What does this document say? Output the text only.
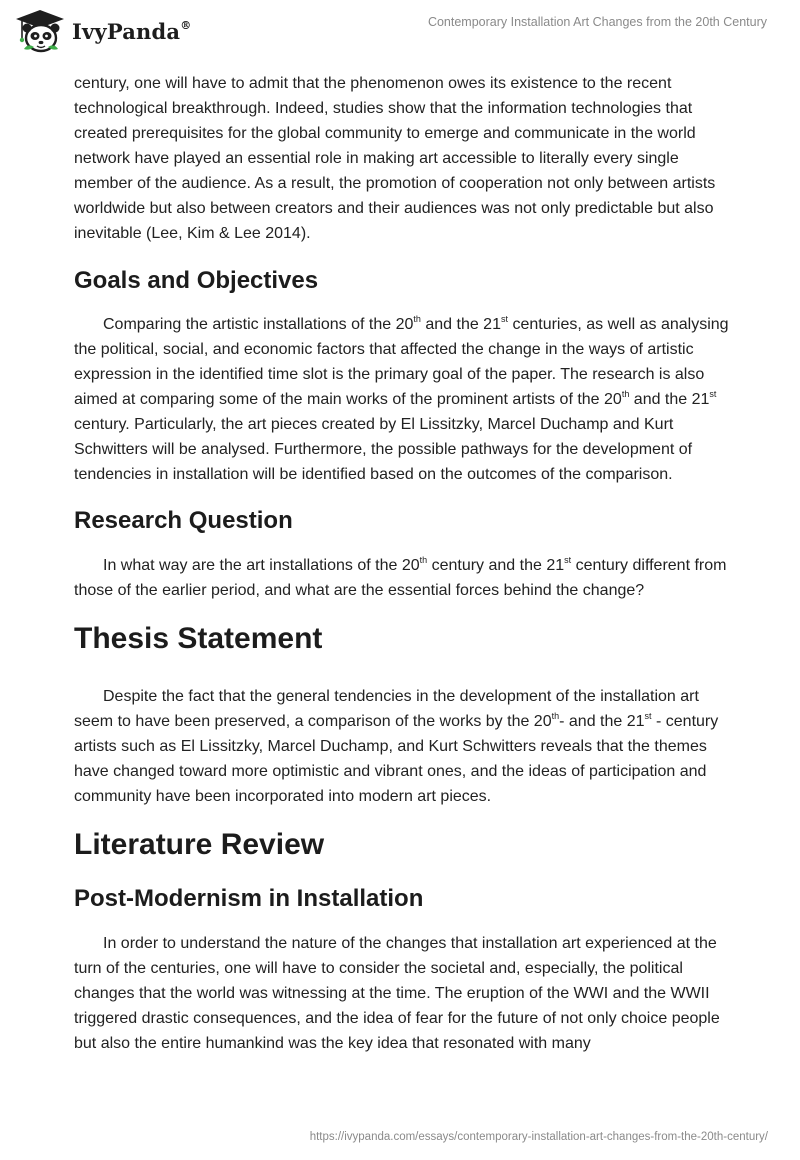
IvyPanda®	Contemporary Installation Art Changes from the 20th Century

century, one will have to admit that the phenomenon owes its existence to the recent technological breakthrough. Indeed, studies show that the information technologies that created prerequisites for the global community to emerge and communicate in the world network have played an essential role in making art accessible to literally every single member of the audience. As a result, the promotion of cooperation not only between artists worldwide but also between creators and their audiences was not only predictable but also inevitable (Lee, Kim & Lee 2014).

Goals and Objectives

Comparing the artistic installations of the 20th and the 21st centuries, as well as analysing the political, social, and economic factors that affected the change in the ways of artistic expression in the identified time slot is the primary goal of the paper. The research is also aimed at comparing some of the main works of the prominent artists of the 20th and the 21st century. Particularly, the art pieces created by El Lissitzky, Marcel Duchamp and Kurt Schwitters will be analysed. Furthermore, the possible pathways for the development of tendencies in installation will be identified based on the outcomes of the comparison.

Research Question

In what way are the art installations of the 20th century and the 21st century different from those of the earlier period, and what are the essential forces behind the change?

Thesis Statement

Despite the fact that the general tendencies in the development of the installation art seem to have been preserved, a comparison of the works by the 20th- and the 21st - century artists such as El Lissitzky, Marcel Duchamp, and Kurt Schwitters reveals that the themes have changed toward more optimistic and vibrant ones, and the ideas of participation and community have been incorporated into modern art pieces.

Literature Review
Post-Modernism in Installation

In order to understand the nature of the changes that installation art experienced at the turn of the centuries, one will have to consider the societal and, especially, the political changes that the world was witnessing at the time. The eruption of the WWI and the WWII triggered drastic consequences, and the idea of fear for the future of not only choice people but also the entire humankind was the key idea that resonated with many

https://ivypanda.com/essays/contemporary-installation-art-changes-from-the-20th-century/
